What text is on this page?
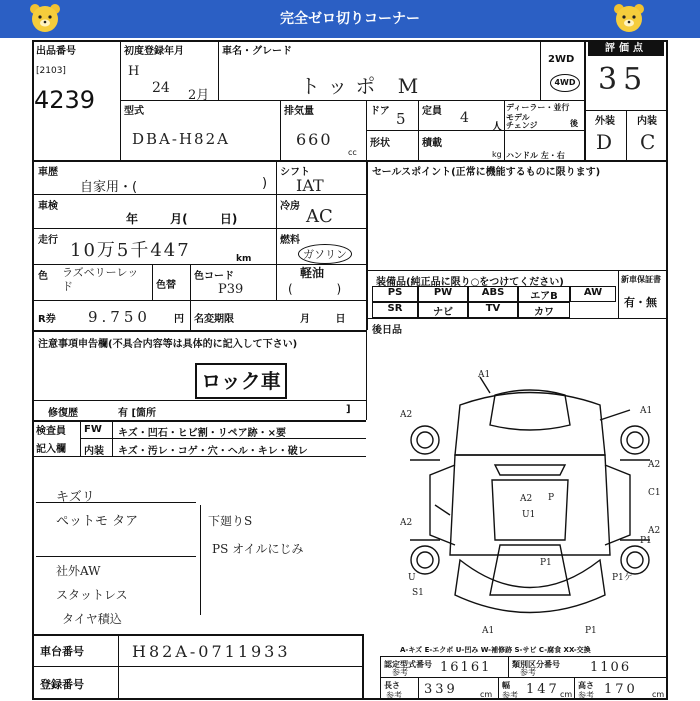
完全ゼロ切りコーナー
出品番号
[2103]
4239
初度登録年月
H
24 2月
車名・グレード
トッポ M
2WD
4WD
評価点
35
型式
DBA-H82A
排気量
660
cc
ドア 5 定員 4
人
ディーラー・並行
モデル
チェンジ	後
形状	積載
kg ハンドル 左・右
外装	内装
D C
車歴
自家用・(	)
シフト
IAT
車検
年 月( 日)
冷房 AC
走行 10万5千447	km
燃料
ガソリン
軽油
( )
色 ラズベリーレッド	色替
色コード
P39
R券 9.750 円 名変期限	月 日
セールスポイント(正常に機能するものに限ります)
装備品(純正品に限り○をつけてください)	新車保証書
有・無
PS	PW	ABS	エアB	AW
SR	ナビ	TV	カワ
後日品
注意事項申告欄(不具合内容等は具体的に記入して下さい)
ロック車
修復歴	有 [箇所	]
検査員
記入欄
FW
内装
キズ・凹石・ヒビ割・リペア跡・×要
キズ・汚レ・コゲ・穴・ヘル・キレ・破レ
キズリ
ペットモ タア	下廻りS
PS オイルにじみ
社外AW
スタットレス
タイヤ積込
A1
A2	A1
A2
C1
A2
A2
U1
P
A2
P1
P1
P1ゲ
U
S1
A1	P1
A-キズ E-エクボ U-凹み W-補修跡 S-サビ C-腐食 XX-交換
車台番号	H82A-0711933
登録番号
認定型式番号
参考 16161	類別区分番号
参考	1106
長さ
参考 339	cm
幅
参考 147 cm
高さ
参考 170 cm
